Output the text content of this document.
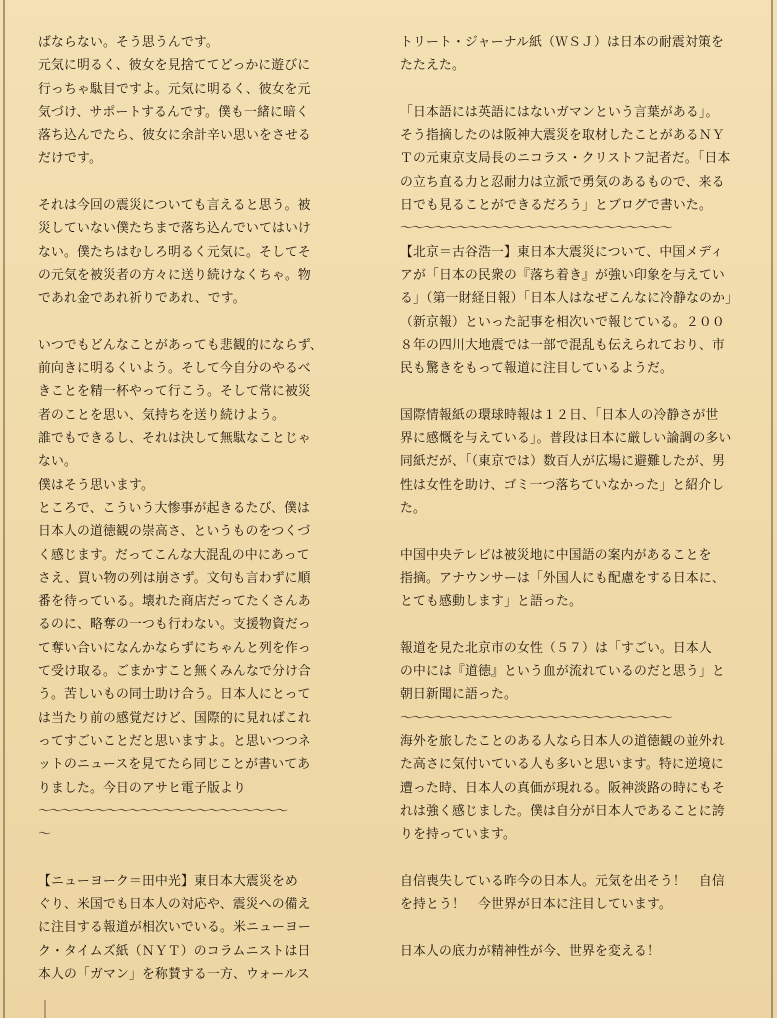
ばならない。そう思うんです。
元気に明るく、彼女を見捨ててどっかに遊びに
行っちゃ駄目ですよ。元気に明るく、彼女を元
気づけ、サポートするんです。僕も一緒に暗く
落ち込んでたら、彼女に余計辛い思いをさせる
だけです。
それは今回の震災についても言えると思う。被
災していない僕たちまで落ち込んでいてはいけ
ない。僕たちはむしろ明るく元気に。そしてそ
の元気を被災者の方々に送り続けなくちゃ。物
であれ金であれ祈りであれ、です。
いつでもどんなことがあっても悲観的にならず、
前向きに明るくいよう。そして今自分のやるべ
きことを精一杯やって行こう。そして常に被災
者のことを思い、気持ちを送り続けよう。
誰でもできるし、それは決して無駄なことじゃ
ない。
僕はそう思います。
ところで、こういう大惨事が起きるたび、僕は
日本人の道徳観の崇高さ、というものをつくづ
く感じます。だってこんな大混乱の中にあって
さえ、買い物の列は崩さず。文句も言わずに順
番を待っている。壊れた商店だってたくさんあ
るのに、略奪の一つも行わない。支援物資だっ
て奪い合いになんかならずにちゃんと列を作っ
て受け取る。ごまかすこと無くみんなで分け合
う。苦しいもの同士助け合う。日本人にとって
は当たり前の感覚だけど、国際的に見ればこれ
ってすごいことだと思いますよ。と思いつつネ
ットのニュースを見てたら同じことが書いてあ
りました。今日のアサヒ電子版より
〜〜〜〜〜〜〜〜〜〜〜〜〜〜〜〜〜〜〜〜〜〜
〜
【ニューヨーク＝田中光】東日本大震災をめ
ぐり、米国でも日本人の対応や、震災への備え
に注目する報道が相次いでいる。米ニューヨー
ク・タイムズ紙（ＮＹＴ）のコラムニストは日
本人の「ガマン」を称賛する一方、ウォールス
トリート・ジャーナル紙（ＷＳＪ）は日本の耐震対策を
たたえた。
「日本語には英語にはないガマンという言葉がある」。
そう指摘したのは阪神大震災を取材したことがあるＮＹ
Ｔの元東京支局長のニコラス・クリストフ記者だ。「日本
の立ち直る力と忍耐力は立派で勇気のあるもので、来る
日でも見ることができるだろう」とブログで書いた。
〜〜〜〜〜〜〜〜〜〜〜〜〜〜〜〜〜〜〜〜〜〜〜〜
【北京＝古谷浩一】東日本大震災について、中国メディ
アが「日本の民衆の『落ち着き』が強い印象を与えてい
る」（第一財経日報）「日本人はなぜこんなに冷静なのか」
（新京報）といった記事を相次いで報じている。２００
８年の四川大地震では一部で混乱も伝えられており、市
民も驚きをもって報道に注目しているようだ。
国際情報紙の環球時報は１２日、「日本人の冷静さが世
界に感慨を与えている」。普段は日本に厳しい論調の多い
同紙だが、「（東京では）数百人が広場に避難したが、男
性は女性を助け、ゴミ一つ落ちていなかった」と紹介し
た。
中国中央テレビは被災地に中国語の案内があることを
指摘。アナウンサーは「外国人にも配慮をする日本に、
とても感動します」と語った。
報道を見た北京市の女性（５７）は「すごい。日本人
の中には『道徳』という血が流れているのだと思う」と
朝日新聞に語った。
〜〜〜〜〜〜〜〜〜〜〜〜〜〜〜〜〜〜〜〜〜〜〜〜
海外を旅したことのある人なら日本人の道徳観の並外れ
た高さに気付いている人も多いと思います。特に逆境に
遭った時、日本人の真価が現れる。阪神淡路の時にもそ
れは強く感じました。僕は自分が日本人であることに誇
りを持っています。
自信喪失している昨今の日本人。元気を出そう！　自信
を持とう！　今世界が日本に注目しています。
日本人の底力が精神性が今、世界を変える！
